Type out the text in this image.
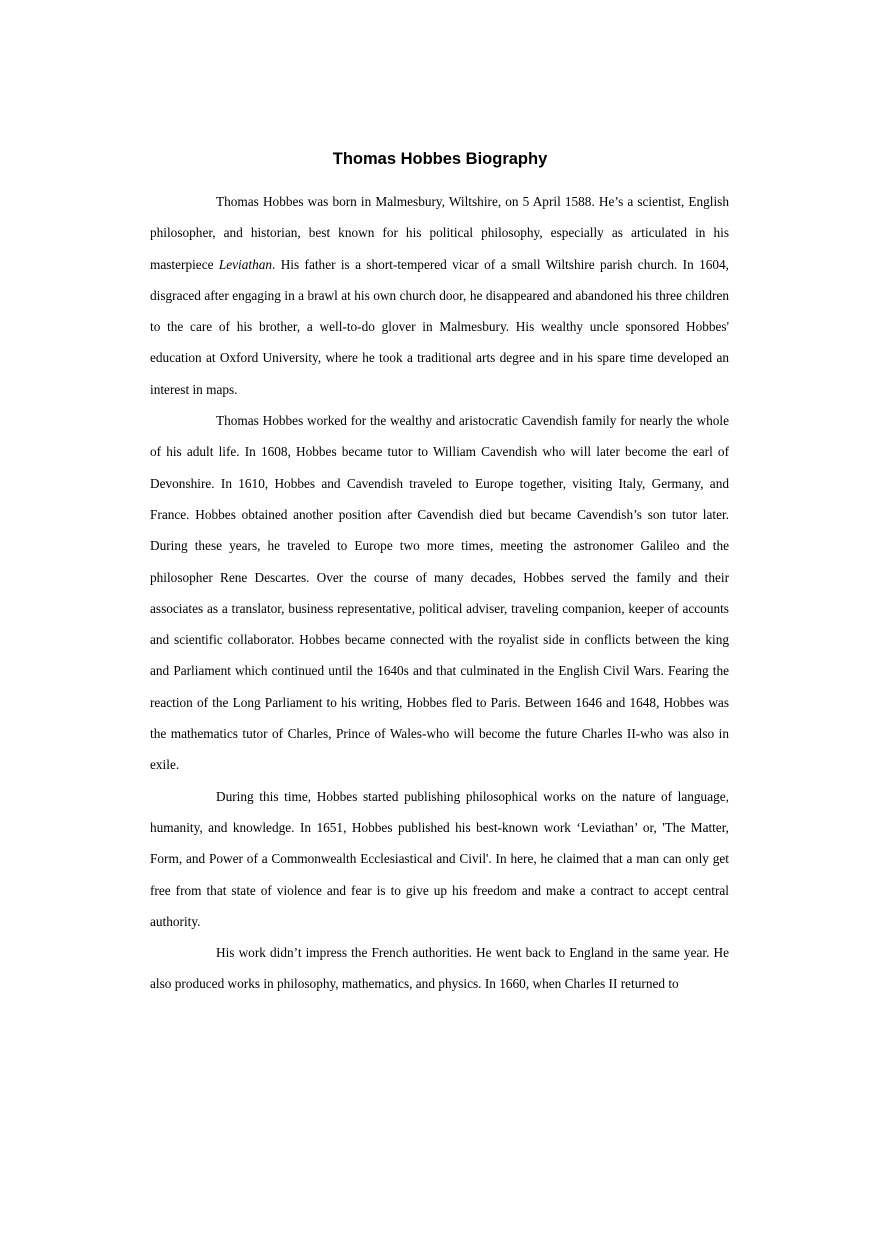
Thomas Hobbes Biography

Thomas Hobbes was born in Malmesbury, Wiltshire, on 5 April 1588. He’s a scientist, English philosopher, and historian, best known for his political philosophy, especially as articulated in his masterpiece Leviathan. His father is a short-tempered vicar of a small Wiltshire parish church. In 1604, disgraced after engaging in a brawl at his own church door, he disappeared and abandoned his three children to the care of his brother, a well-to-do glover in Malmesbury. His wealthy uncle sponsored Hobbes' education at Oxford University, where he took a traditional arts degree and in his spare time developed an interest in maps.

Thomas Hobbes worked for the wealthy and aristocratic Cavendish family for nearly the whole of his adult life. In 1608, Hobbes became tutor to William Cavendish who will later become the earl of Devonshire. In 1610, Hobbes and Cavendish traveled to Europe together, visiting Italy, Germany, and France. Hobbes obtained another position after Cavendish died but became Cavendish’s son tutor later. During these years, he traveled to Europe two more times, meeting the astronomer Galileo and the philosopher Rene Descartes. Over the course of many decades, Hobbes served the family and their associates as a translator, business representative, political adviser, traveling companion, keeper of accounts and scientific collaborator. Hobbes became connected with the royalist side in conflicts between the king and Parliament which continued until the 1640s and that culminated in the English Civil Wars. Fearing the reaction of the Long Parliament to his writing, Hobbes fled to Paris. Between 1646 and 1648, Hobbes was the mathematics tutor of Charles, Prince of Wales-who will become the future Charles II-who was also in exile.

During this time, Hobbes started publishing philosophical works on the nature of language, humanity, and knowledge. In 1651, Hobbes published his best-known work ‘Leviathan’ or, 'The Matter, Form, and Power of a Commonwealth Ecclesiastical and Civil'. In here, he claimed that a man can only get free from that state of violence and fear is to give up his freedom and make a contract to accept central authority.

His work didn’t impress the French authorities. He went back to England in the same year. He also produced works in philosophy, mathematics, and physics. In 1660, when Charles II returned to
